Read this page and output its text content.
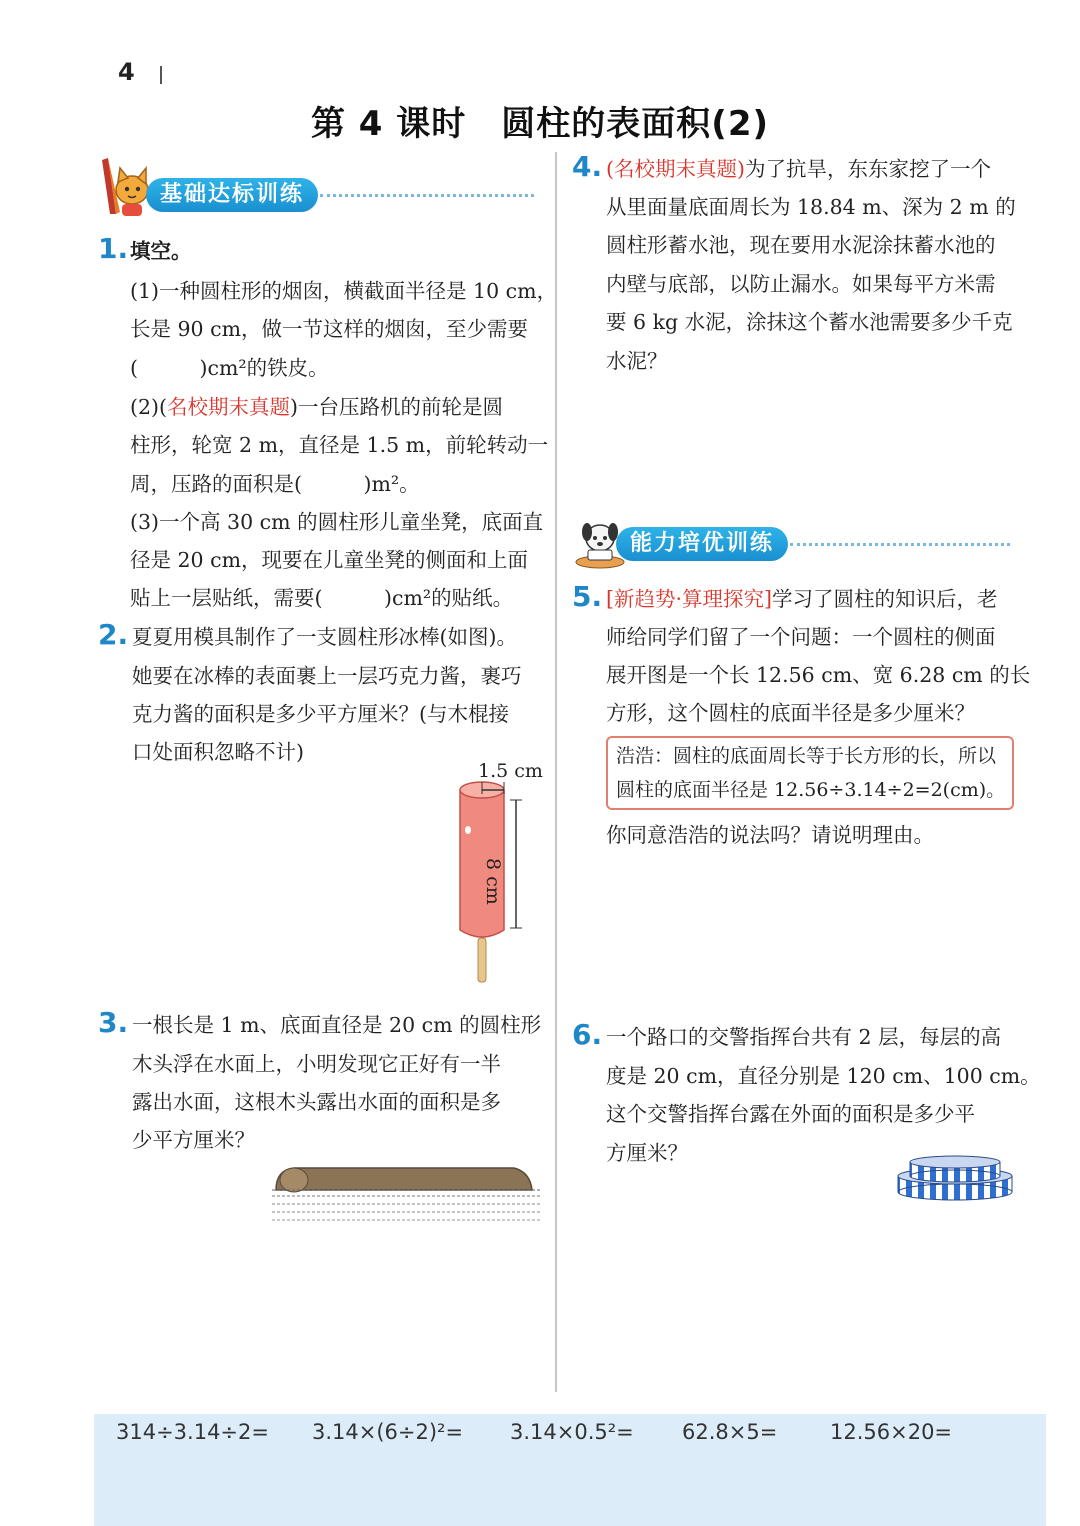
4
第 4 课时　圆柱的表面积(2)
基础达标训练
1. 填空。
(1)一种圆柱形的烟囱，横截面半径是 10 cm，
长是 90 cm，做一节这样的烟囱，至少需要
(　　　)cm²的铁皮。
(2)(名校期末真题)一台压路机的前轮是圆
柱形，轮宽 2 m，直径是 1.5 m，前轮转动一
周，压路的面积是(　　　)m²。
(3)一个高 30 cm 的圆柱形儿童坐凳，底面直
径是 20 cm，现要在儿童坐凳的侧面和上面
贴上一层贴纸，需要(　　　)cm²的贴纸。
2. 夏夏用模具制作了一支圆柱形冰棒(如图)。
她要在冰棒的表面裹上一层巧克力酱，裹巧
克力酱的面积是多少平方厘米？(与木棍接
口处面积忽略不计)
1.5 cm
8 cm
3. 一根长是 1 m、底面直径是 20 cm 的圆柱形
木头浮在水面上，小明发现它正好有一半
露出水面，这根木头露出水面的面积是多
少平方厘米？
4. (名校期末真题)为了抗旱，东东家挖了一个
从里面量底面周长为 18.84 m、深为 2 m 的
圆柱形蓄水池，现在要用水泥涂抹蓄水池的
内壁与底部，以防止漏水。如果每平方米需
要 6 kg 水泥，涂抹这个蓄水池需要多少千克
水泥？
能力培优训练
5. [新趋势·算理探究]学习了圆柱的知识后，老
师给同学们留了一个问题：一个圆柱的侧面
展开图是一个长 12.56 cm、宽 6.28 cm 的长
方形，这个圆柱的底面半径是多少厘米？
浩浩：圆柱的底面周长等于长方形的长，所以
圆柱的底面半径是 12.56÷3.14÷2=2(cm)。
你同意浩浩的说法吗？请说明理由。
6. 一个路口的交警指挥台共有 2 层，每层的高
度是 20 cm，直径分别是 120 cm、100 cm。
这个交警指挥台露在外面的面积是多少平
方厘米？
314÷3.14÷2= 3.14×(6÷2)²= 3.14×0.5²= 62.8×5=	12.56×20=
